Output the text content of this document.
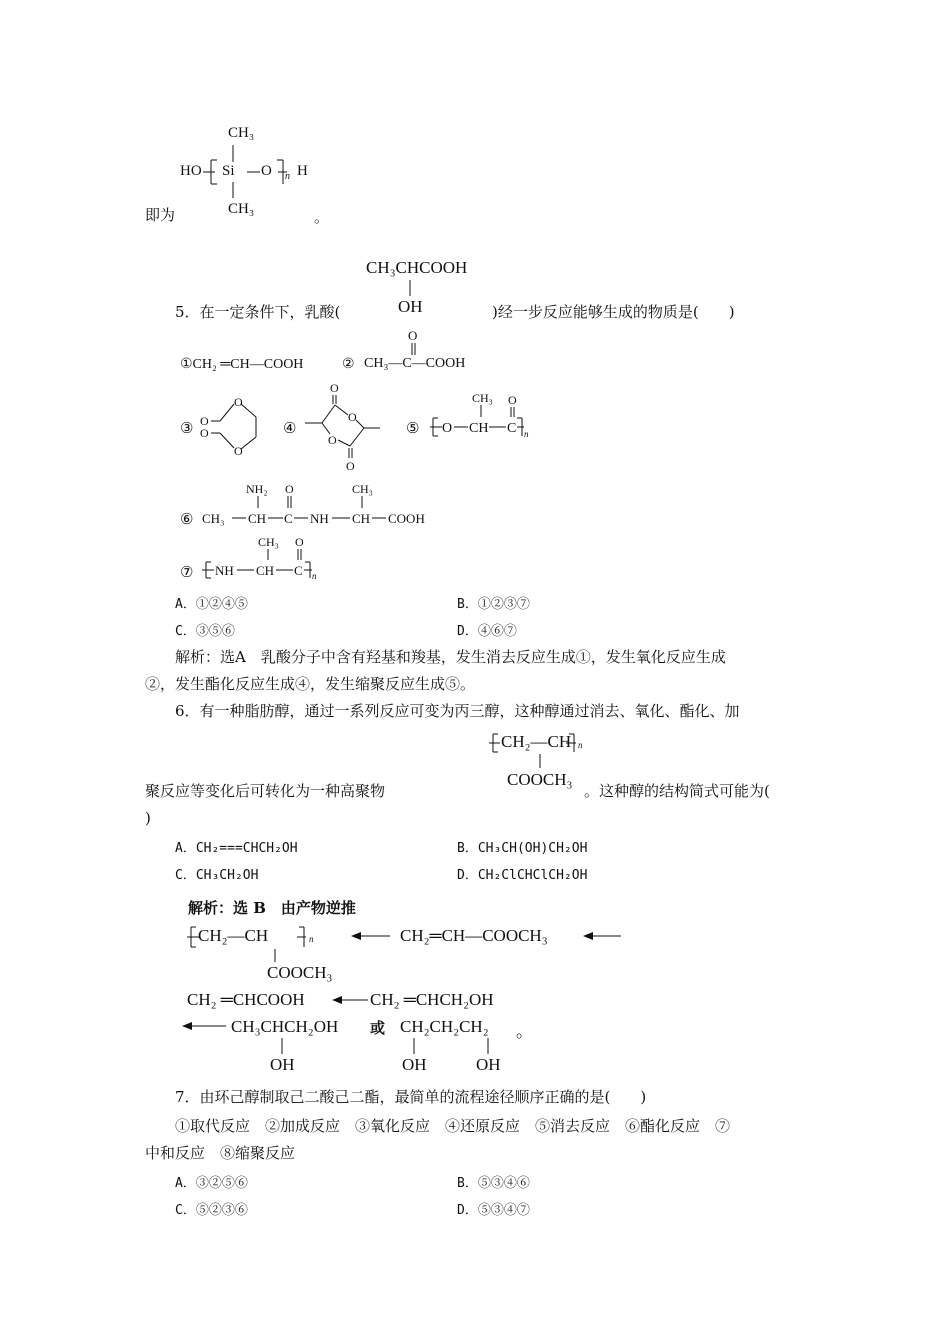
CH₃
HO Si O n H
CH₃
即为	。
CH₃CHCOOH
OH
5．在一定条件下，乳酸(	)经一步反应能够生成的物质是(　　)
①CH₂ ═CH—COOH	②
O
CH₃—C—COOH
③
O
O
O
O	④
O
O
O
O
⑤
CH₃ O
O CH C n
⑥
NH₂ O	CH₃
CH₃ CH C NH CH COOH
⑦
CH₃ O
NH CH C n
A．①②④⑤	B．①②③⑦
C．③⑤⑥	D．④⑥⑦
解析：选A　乳酸分子中含有羟基和羧基，发生消去反应生成①，发生氧化反应生成
②，发生酯化反应生成④，发生缩聚反应生成⑤。
6．有一种脂肪醇，通过一系列反应可变为丙三醇，这种醇通过消去、氧化、酯化、加
CH₂—CH n
COOCH₃
聚反应等变化后可转化为一种高聚物	。这种醇的结构简式可能为(
)
A．CH₂===CHCH₂OH	B．CH₃CH(OH)CH₂OH
C．CH₃CH₂OH	D．CH₂ClCHClCH₂OH
解析 ：选 B　由产物逆推
CH₂—CH	n
COOCH₃
CH₂═CH—COOCH₃
CH₂ ═CHCOOH	CH₂ ═CHCH₂OH
CH₃CHCH₂OH 或 CH₂CH₂CH₂ 。
OH	OH	OH
7．由环己醇制取己二酸己二酯，最简单的流程途径顺序正确的是(　　)
①取代反应　②加成反应　③氧化反应　④还原反应　⑤消去反应　⑥酯化反应　⑦
中和反应　⑧缩聚反应
A．③②⑤⑥	B．⑤③④⑥
C．⑤②③⑥	D．⑤③④⑦
